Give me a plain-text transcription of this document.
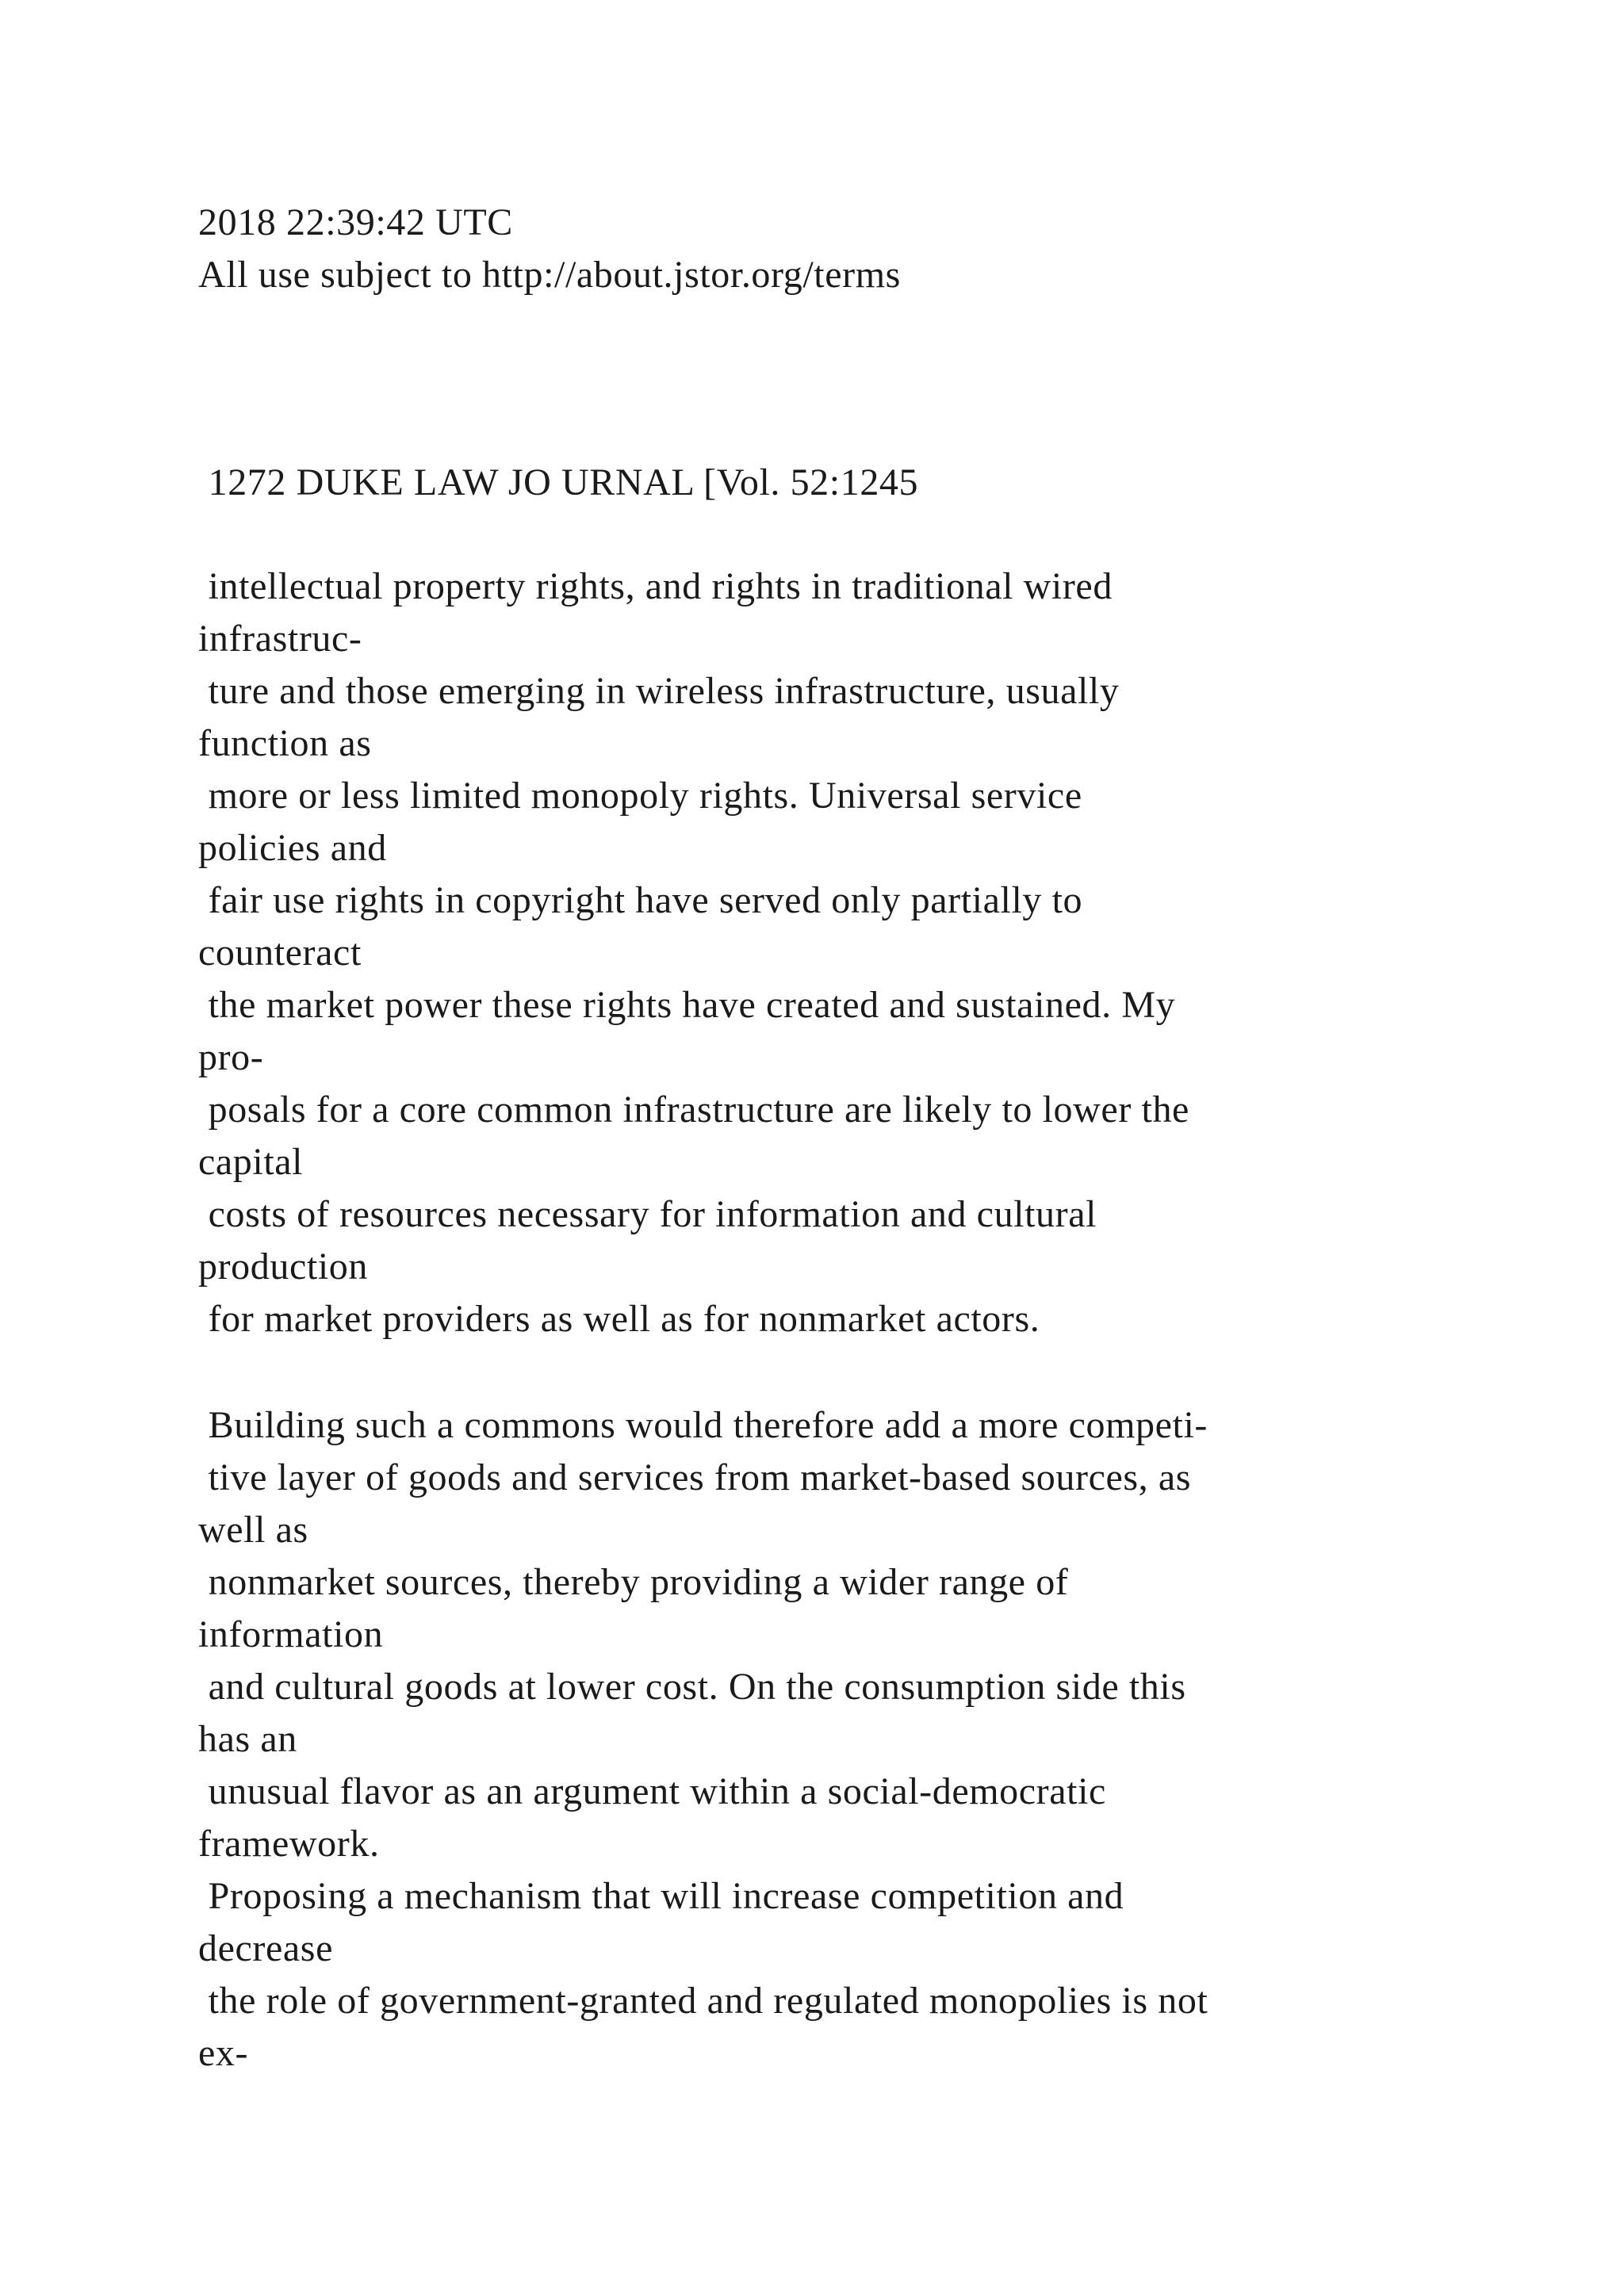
2018 22:39:42 UTC
All use subject to http://about.jstor.org/terms
1272 DUKE LAW JO URNAL [Vol. 52:1245
intellectual property rights, and rights in traditional wired
infrastruc-
ture and those emerging in wireless infrastructure, usually
function as
more or less limited monopoly rights. Universal service
policies and
fair use rights in copyright have served only partially to
counteract
the market power these rights have created and sustained. My
pro-
posals for a core common infrastructure are likely to lower the
capital
costs of resources necessary for information and cultural
production
for market providers as well as for nonmarket actors.
Building such a commons would therefore add a more competi-
tive layer of goods and services from market-based sources, as
well as
nonmarket sources, thereby providing a wider range of
information
and cultural goods at lower cost. On the consumption side this
has an
unusual flavor as an argument within a social-democratic
framework.
Proposing a mechanism that will increase competition and
decrease
the role of government-granted and regulated monopolies is not
ex-
